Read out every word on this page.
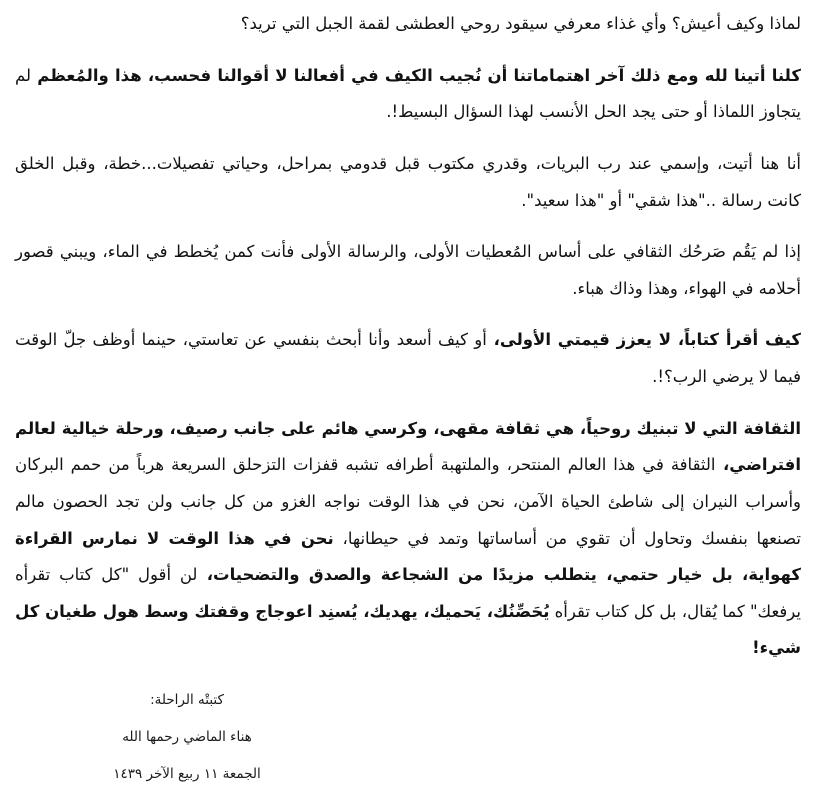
لماذا وكيف أعيش؟ وأي غذاء معرفي سيقود روحي العطشى لقمة الجبل التي تريد؟

كلنا أتينا لله ومع ذلك آخر اهتماماتنا أن نُجيب الكيف في أفعالنا لا أقوالنا فحسب، هذا والمُعظم لم يتجاوز اللماذا أو حتى يجد الحل الأنسب لهذا السؤال البسيط!.

أنا هنا أتيت، وإسمي عند رب البريات، وقدري مكتوب قبل قدومي بمراحل، وحياتي تفصيلات...خطة، وقبل الخلق كانت رسالة .."هذا شقي" أو "هذا سعيد".

إذا لم يَقُم صَرحُك الثقافي على أساس المُعطيات الأولى، والرسالة الأولى فأنت كمن يُخطط في الماء، ويبني قصور أحلامه في الهواء، وهذا وذاك هباء.

كيف أقرأ كتاباً، لا يعزز قيمتي الأولى، أو كيف أسعد وأنا أبحث بنفسي عن تعاستي، حينما أوظف جلّ الوقت فيما لا يرضي الرب؟!.

الثقافة التي لا تبنيك روحياً، هي ثقافة مقهى، وكرسي هائم على جانب رصيف، ورحلة خيالية لعالم افتراضي، الثقافة في هذا العالم المنتحر، والملتهبة أطرافه تشبه قفزات التزحلق السريعة هرباً من حمم البركان وأسراب النيران إلى شاطئ الحياة الآمن، نحن في هذا الوقت نواجه الغزو من كل جانب ولن تجد الحصون مالم تصنعها بنفسك وتحاول أن تقوي من أساساتها وتمد في حيطانها، نحن في هذا الوقت لا نمارس القراءة كهواية، بل خيار حتمي، يتطلب مزيدًا من الشجاعة والصدق والتضحيات، لن أقول "كل كتاب تقرأه يرفعك" كما يُقال، بل كل كتاب تقرأه يُحَصِّنُك، يَحميك، يهديك، يُسنِد اعوجاج وقفتك وسط هول طغيان كل شيء!

كتبتْه الراحلة:
هناء الماضي رحمها الله
الجمعة ١١ ربيع الآخر ١٤٣٩
